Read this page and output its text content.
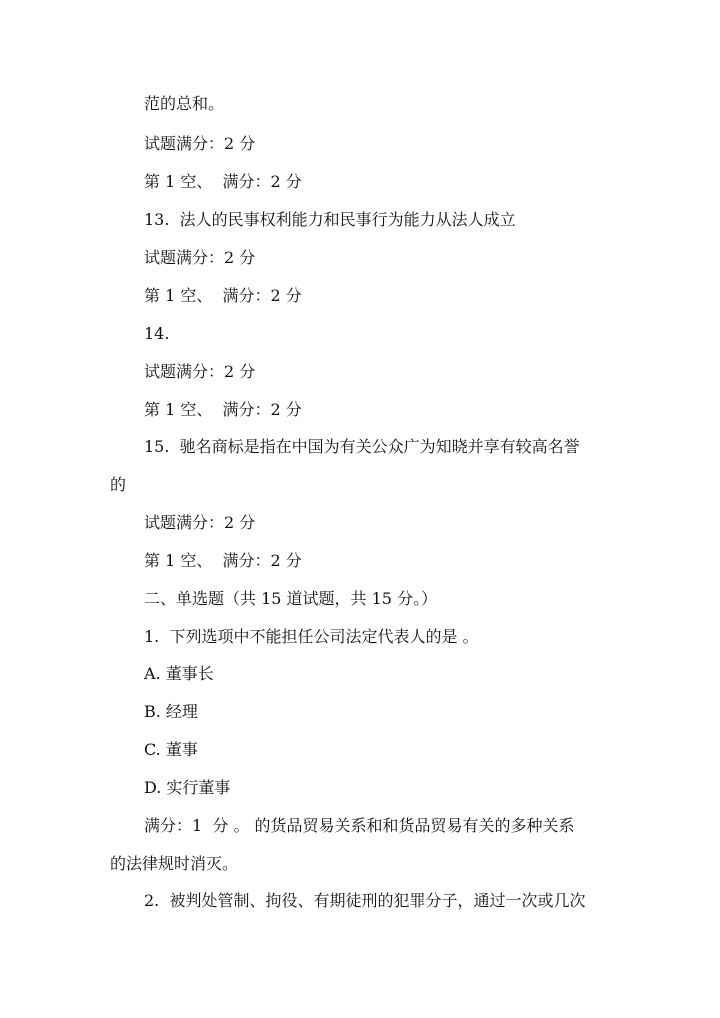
范的总和。
试题满分：2 分
第 1 空、  满分：2 分
13.  法人的民事权利能力和民事行为能力从法人成立
试题满分：2 分
第 1 空、  满分：2 分
14.
试题满分：2 分
第 1 空、  满分：2 分
15.  驰名商标是指在中国为有关公众广为知晓并享有较高名誉
的
试题满分：2 分
第 1 空、  满分：2 分
二、单选题（共 15 道试题，共 15 分。）
1.  下列选项中不能担任公司法定代表人的是 。
A. 董事长
B. 经理
C. 董事
D. 实行董事
满分：1  分 。 的货品贸易关系和和货品贸易有关的多种关系
的法律规时消灭。
2.  被判处管制、拘役、有期徒刑的犯罪分子，通过一次或几次
